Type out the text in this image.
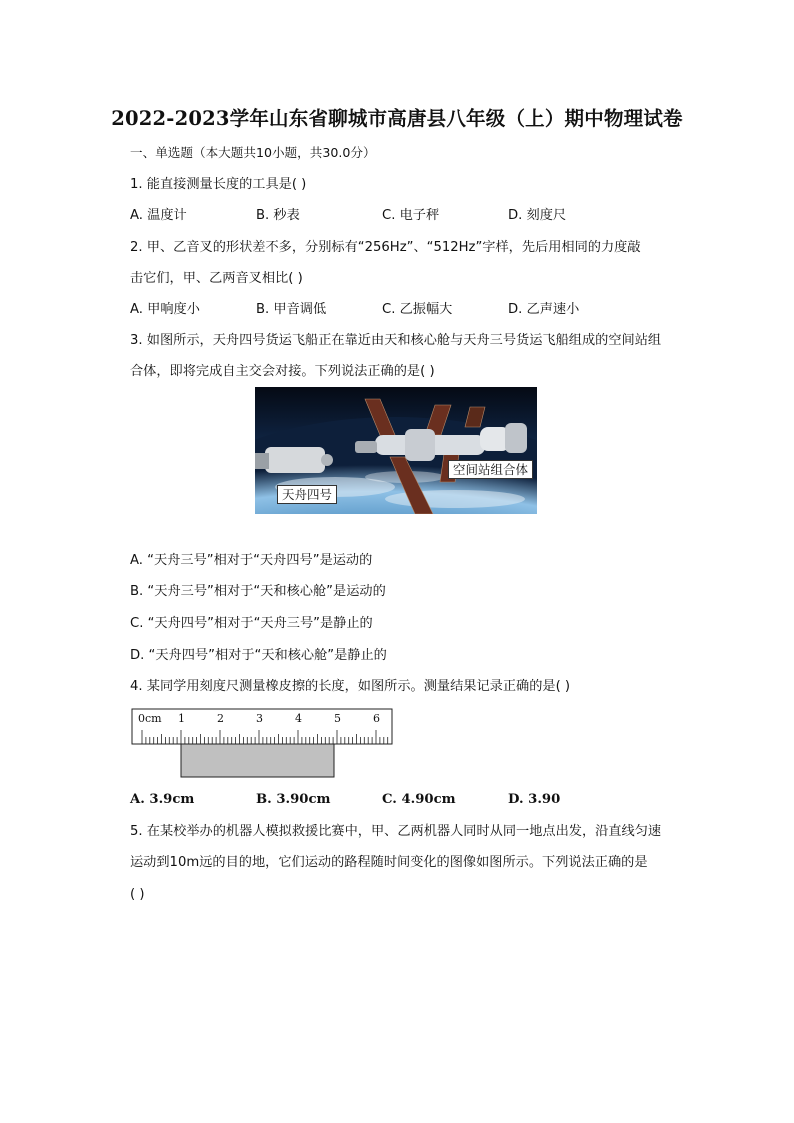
2022-2023学年山东省聊城市高唐县八年级（上）期中物理试卷
一、单选题（本大题共10小题，共30.0分）
1. 能直接测量长度的工具是( )
A. 温度计	B. 秒表	C. 电子秤	D. 刻度尺
2. 甲、乙音叉的形状差不多，分别标有“256Hz”、“512Hz”字样，先后用相同的力度敲
击它们，甲、乙两音叉相比( )
A. 甲响度小	B. 甲音调低	C. 乙振幅大	D. 乙声速小
3. 如图所示，天舟四号货运飞船正在靠近由天和核心舱与天舟三号货运飞船组成的空间站组
合体，即将完成自主交会对接。下列说法正确的是( )
空间站组合体
天舟四号
A. “天舟三号”相对于“天舟四号”是运动的
B. “天舟三号”相对于“天和核心舱”是运动的
C. “天舟四号”相对于“天舟三号”是静止的
D. “天舟四号”相对于“天和核心舱”是静止的
4. 某同学用刻度尺测量橡皮擦的长度，如图所示。测量结果记录正确的是( )
0cm 1	2	3	4	5	6
A. 3.9cm	B. 3.90cm	C. 4.90cm	D. 3.90
5. 在某校举办的机器人模拟救援比赛中，甲、乙两机器人同时从同一地点出发，沿直线匀速
运动到10m远的目的地，它们运动的路程随时间变化的图像如图所示。下列说法正确的是
( )
